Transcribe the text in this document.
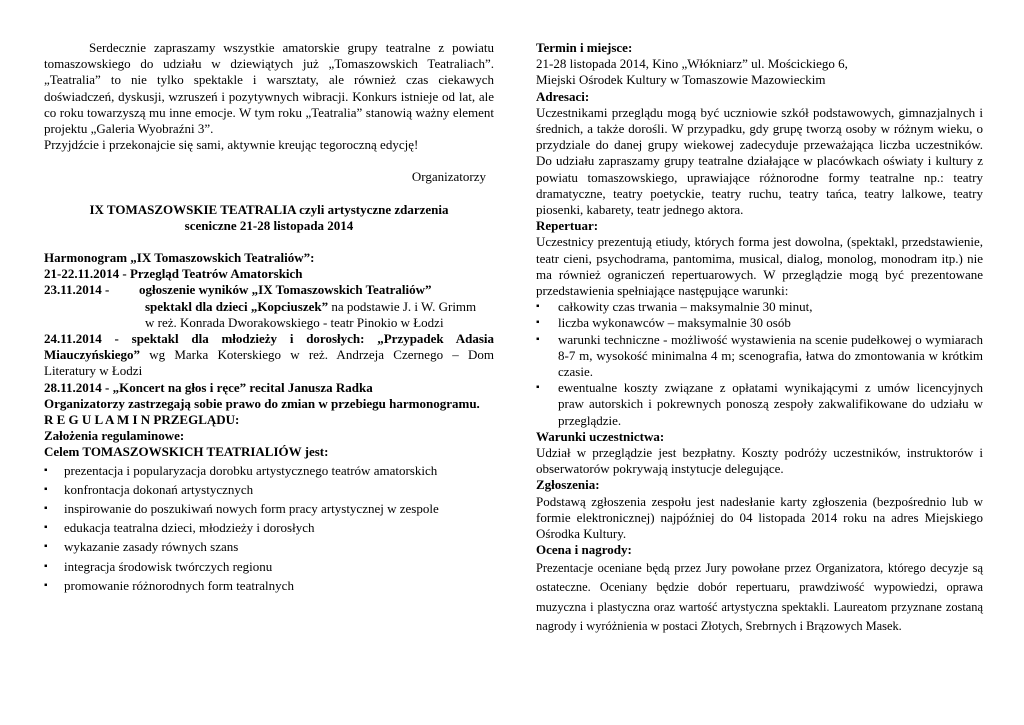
Serdecznie zapraszamy wszystkie amatorskie grupy teatralne z powiatu tomaszowskiego do udziału w dziewiątych już „Tomaszowskich Teatraliach”. „Teatralia” to nie tylko spektakle i warsztaty, ale również czas ciekawych doświadczeń, dyskusji, wzruszeń i pozytywnych wibracji. Konkurs istnieje od lat, ale co roku towarzyszą mu inne emocje. W tym roku „Teatralia” stanowią ważny element projektu „Galeria Wyobraźni 3”.

Przyjdźcie i przekonajcie się sami, aktywnie kreując tegoroczną edycję!

Organizatorzy

IX TOMASZOWSKIE TEATRALIA czyli artystyczne zdarzenia

sceniczne 21-28 listopada 2014

Harmonogram „IX Tomaszowskich Teatraliów”:

21-22.11.2014 - Przegląd Teatrów Amatorskich

23.11.2014 - ogłoszenie wyników „IX Tomaszowskich Teatraliów”

spektakl dla dzieci „Kopciuszek” na podstawie J. i W. Grimm

w reż. Konrada Dworakowskiego - teatr Pinokio w Łodzi

24.11.2014 - spektakl dla młodzieży i dorosłych: „Przypadek Adasia Miauczyńskiego” wg Marka Koterskiego w reż. Andrzeja Czernego – Dom Literatury w Łodzi

28.11.2014 - „Koncert na głos i ręce” recital Janusza Radka

Organizatorzy zastrzegają sobie prawo do zmian w przebiegu harmonogramu.

R E G U L A M I N PRZEGLĄDU:

Założenia regulaminowe:

Celem TOMASZOWSKICH TEATRIALIÓW jest:

▪ prezentacja i popularyzacja dorobku artystycznego teatrów amatorskich
▪ konfrontacja dokonań artystycznych
▪ inspirowanie do poszukiwań nowych form pracy artystycznej w zespole
▪ edukacja teatralna dzieci, młodzieży i dorosłych
▪ wykazanie zasady równych szans
▪ integracja środowisk twórczych regionu
▪ promowanie różnorodnych form teatralnych

Termin i miejsce:

21-28 listopada 2014, Kino „Włókniarz” ul. Mościckiego 6,

Miejski Ośrodek Kultury w Tomaszowie Mazowieckim

Adresaci:

Uczestnikami przeglądu mogą być uczniowie szkół podstawowych, gimnazjalnych i średnich, a także dorośli. W przypadku, gdy grupę tworzą osoby w różnym wieku, o przydziale do danej grupy wiekowej zadecyduje przeważająca liczba uczestników. Do udziału zapraszamy grupy teatralne działające w placówkach oświaty i kultury z powiatu tomaszowskiego, uprawiające różnorodne formy teatralne np.: teatry dramatyczne, teatry poetyckie, teatry ruchu, teatry tańca, teatry lalkowe, teatry piosenki, kabarety, teatr jednego aktora.

Repertuar:

Uczestnicy prezentują etiudy, których forma jest dowolna, (spektakl, przedstawienie, teatr cieni, psychodrama, pantomima, musical, dialog, monolog, monodram itp.) nie ma również ograniczeń repertuarowych. W przeglądzie mogą być prezentowane przedstawienia spełniające następujące warunki:

▪ całkowity czas trwania – maksymalnie 30 minut,
▪ liczba wykonawców – maksymalnie 30 osób
▪ warunki techniczne - możliwość wystawienia na scenie pudełkowej o wymiarach 8-7 m, wysokość minimalna 4 m; scenografia, łatwa do zmontowania w krótkim czasie.
▪ ewentualne koszty związane z opłatami wynikającymi z umów licencyjnych praw autorskich i pokrewnych ponoszą zespoły zakwalifikowane do udziału w przeglądzie.

Warunki uczestnictwa:

Udział w przeglądzie jest bezpłatny. Koszty podróży uczestników, instruktorów i obserwatorów pokrywają instytucje delegujące.

Zgłoszenia:

Podstawą zgłoszenia zespołu jest nadesłanie karty zgłoszenia (bezpośrednio lub w formie elektronicznej) najpóźniej do 04 listopada 2014 roku na adres Miejskiego Ośrodka Kultury.

Ocena i nagrody:

Prezentacje oceniane będą przez Jury powołane przez Organizatora, którego decyzje są ostateczne. Oceniany będzie dobór repertuaru, prawdziwość wypowiedzi, oprawa muzyczna i plastyczna oraz wartość artystyczna spektakli. Laureatom przyznane zostaną nagrody i wyróżnienia w postaci Złotych, Srebrnych i Brązowych Masek.
